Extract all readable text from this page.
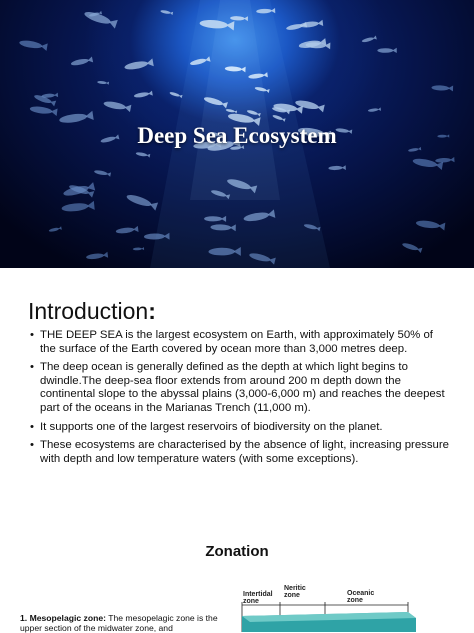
Deep Sea Ecosystem
Introduction:
• THE DEEP SEA is the largest ecosystem on Earth, with approximately 50% of the surface of the Earth covered by ocean more than 3,000 metres deep.
• The deep ocean is generally defined as the depth at which light begins to dwindle.The deep-sea floor extends from around 200 m depth down the continental slope to the abyssal plains (3,000-6,000 m) and reaches the deepest part of the oceans in the Marianas Trench (11,000 m).
• It supports one of the largest reservoirs of biodiversity on the planet.
• These ecosystems are characterised by the absence of light, increasing pressure with depth and low temperature waters (with some exceptions).
Zonation
1. Mesopelagic zone: The mesopelagic zone is the upper section of the midwater zone, and
Intertidal zone
Neritic zone	Oceanic zone
